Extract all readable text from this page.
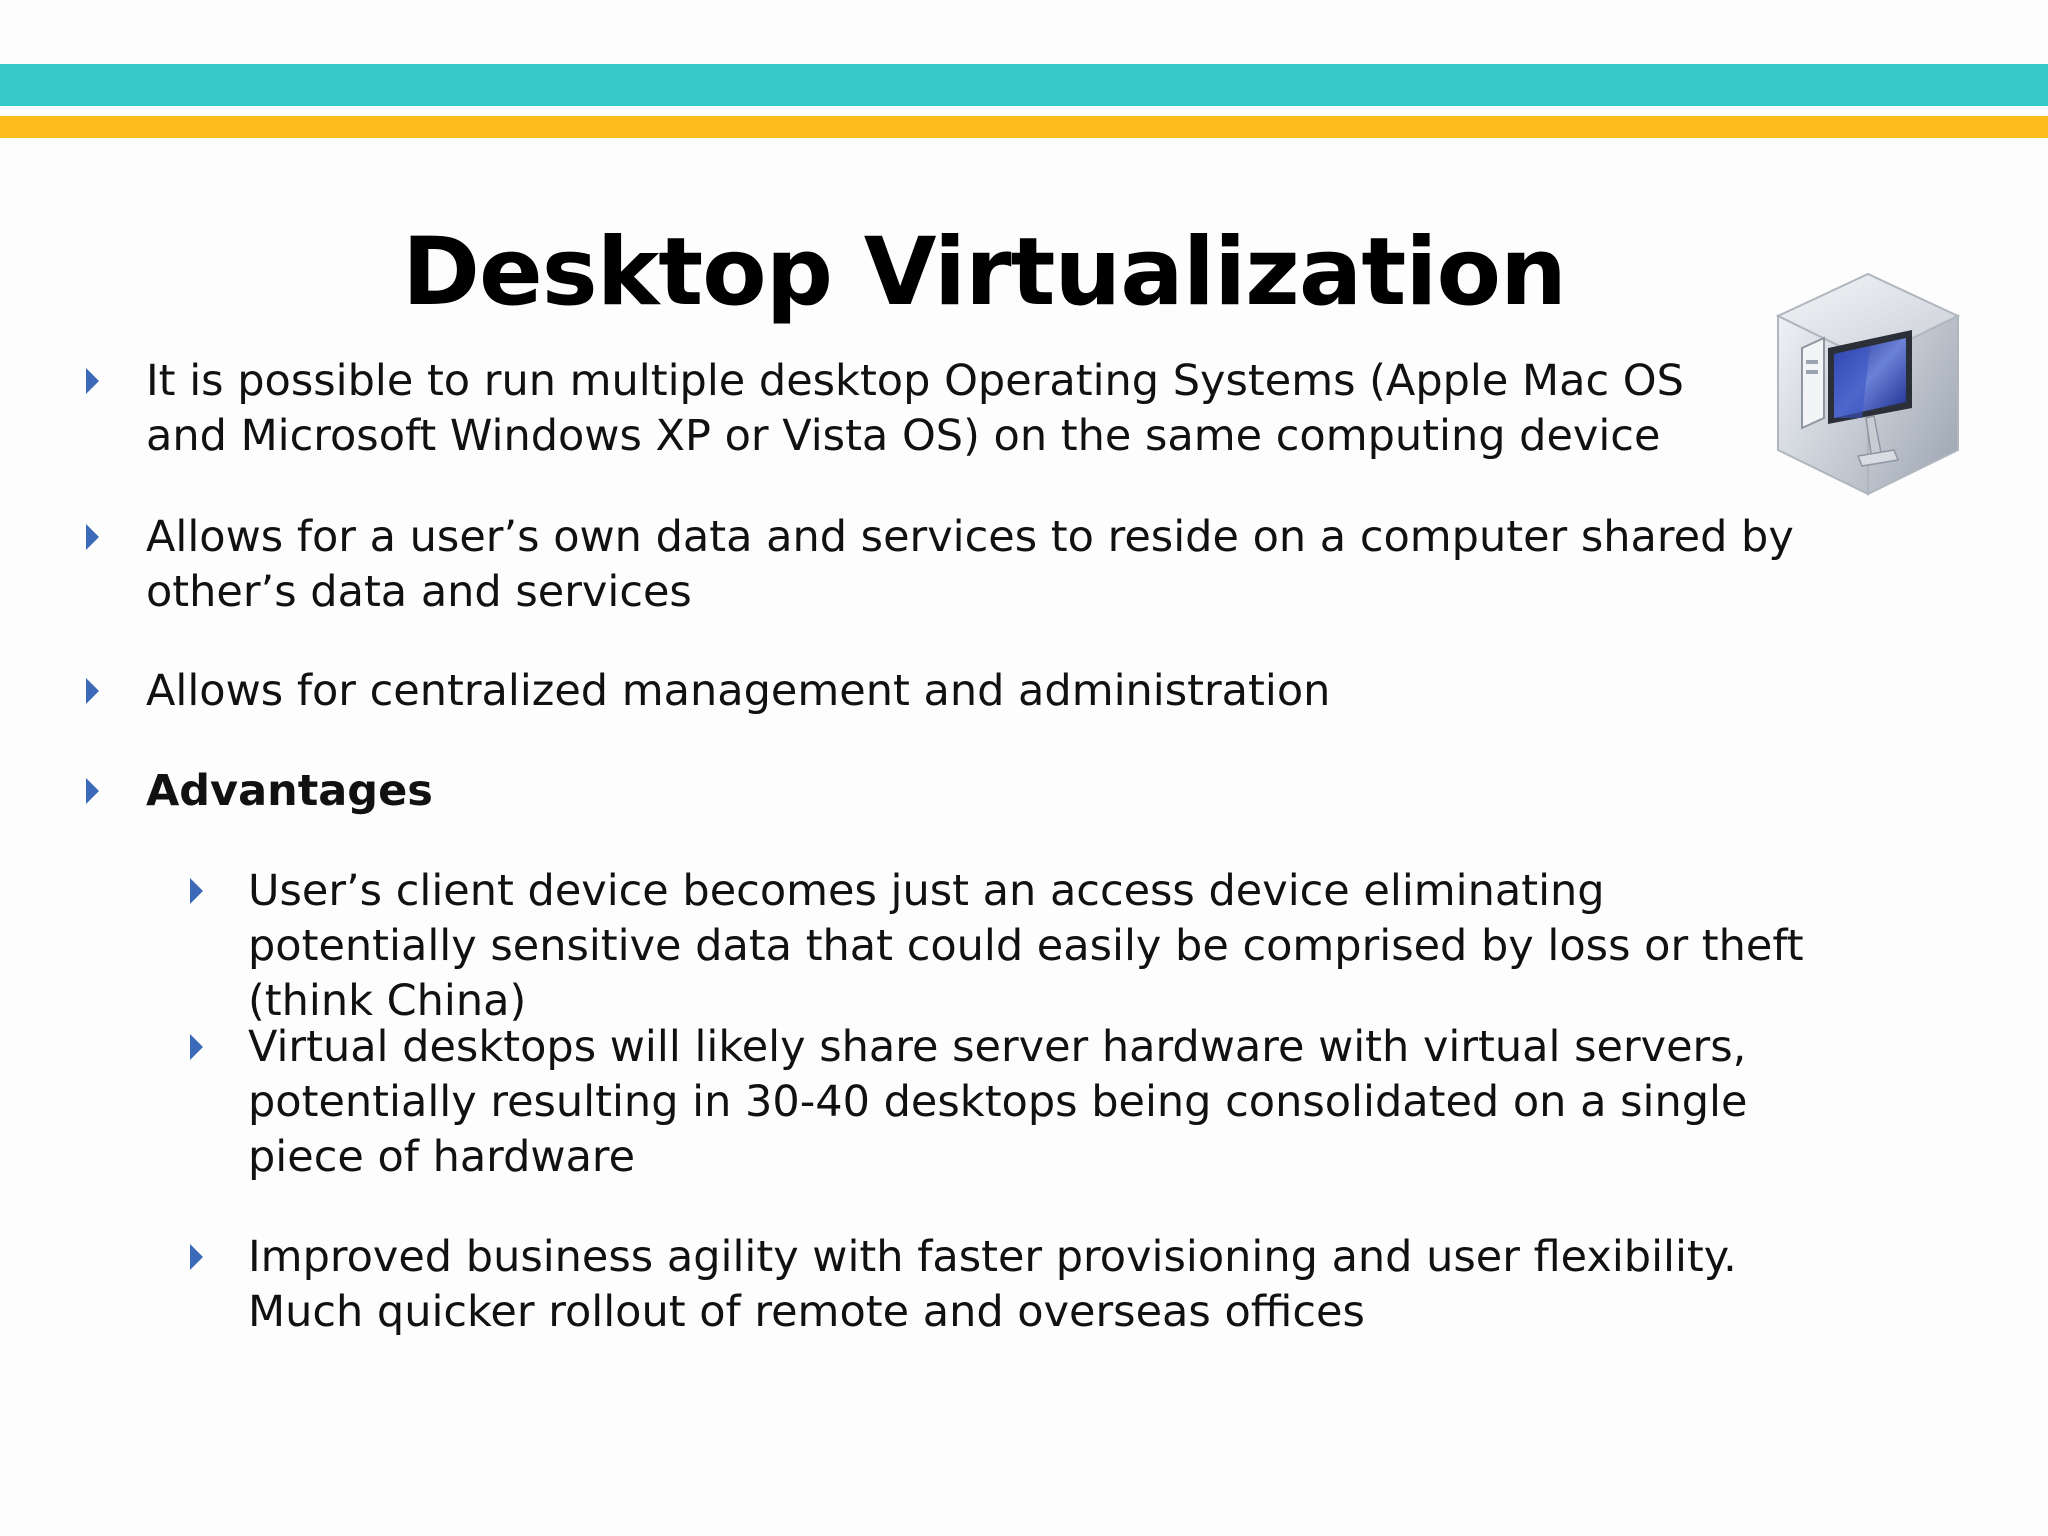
Desktop Virtualization
It is possible to run multiple desktop Operating Systems (Apple Mac OS and Microsoft Windows XP or Vista OS) on the same computing device
Allows for a user’s own data and services to reside on a computer shared by other’s data and services
Allows for centralized management and administration
Advantages
User’s client device becomes just an access device eliminating potentially sensitive data that could easily be comprised by loss or theft (think China)
Virtual desktops will likely share server hardware with virtual servers, potentially resulting in 30-40 desktops being consolidated on a single piece of hardware
Improved business agility with faster provisioning and user flexibility. Much quicker rollout of remote and overseas offices
